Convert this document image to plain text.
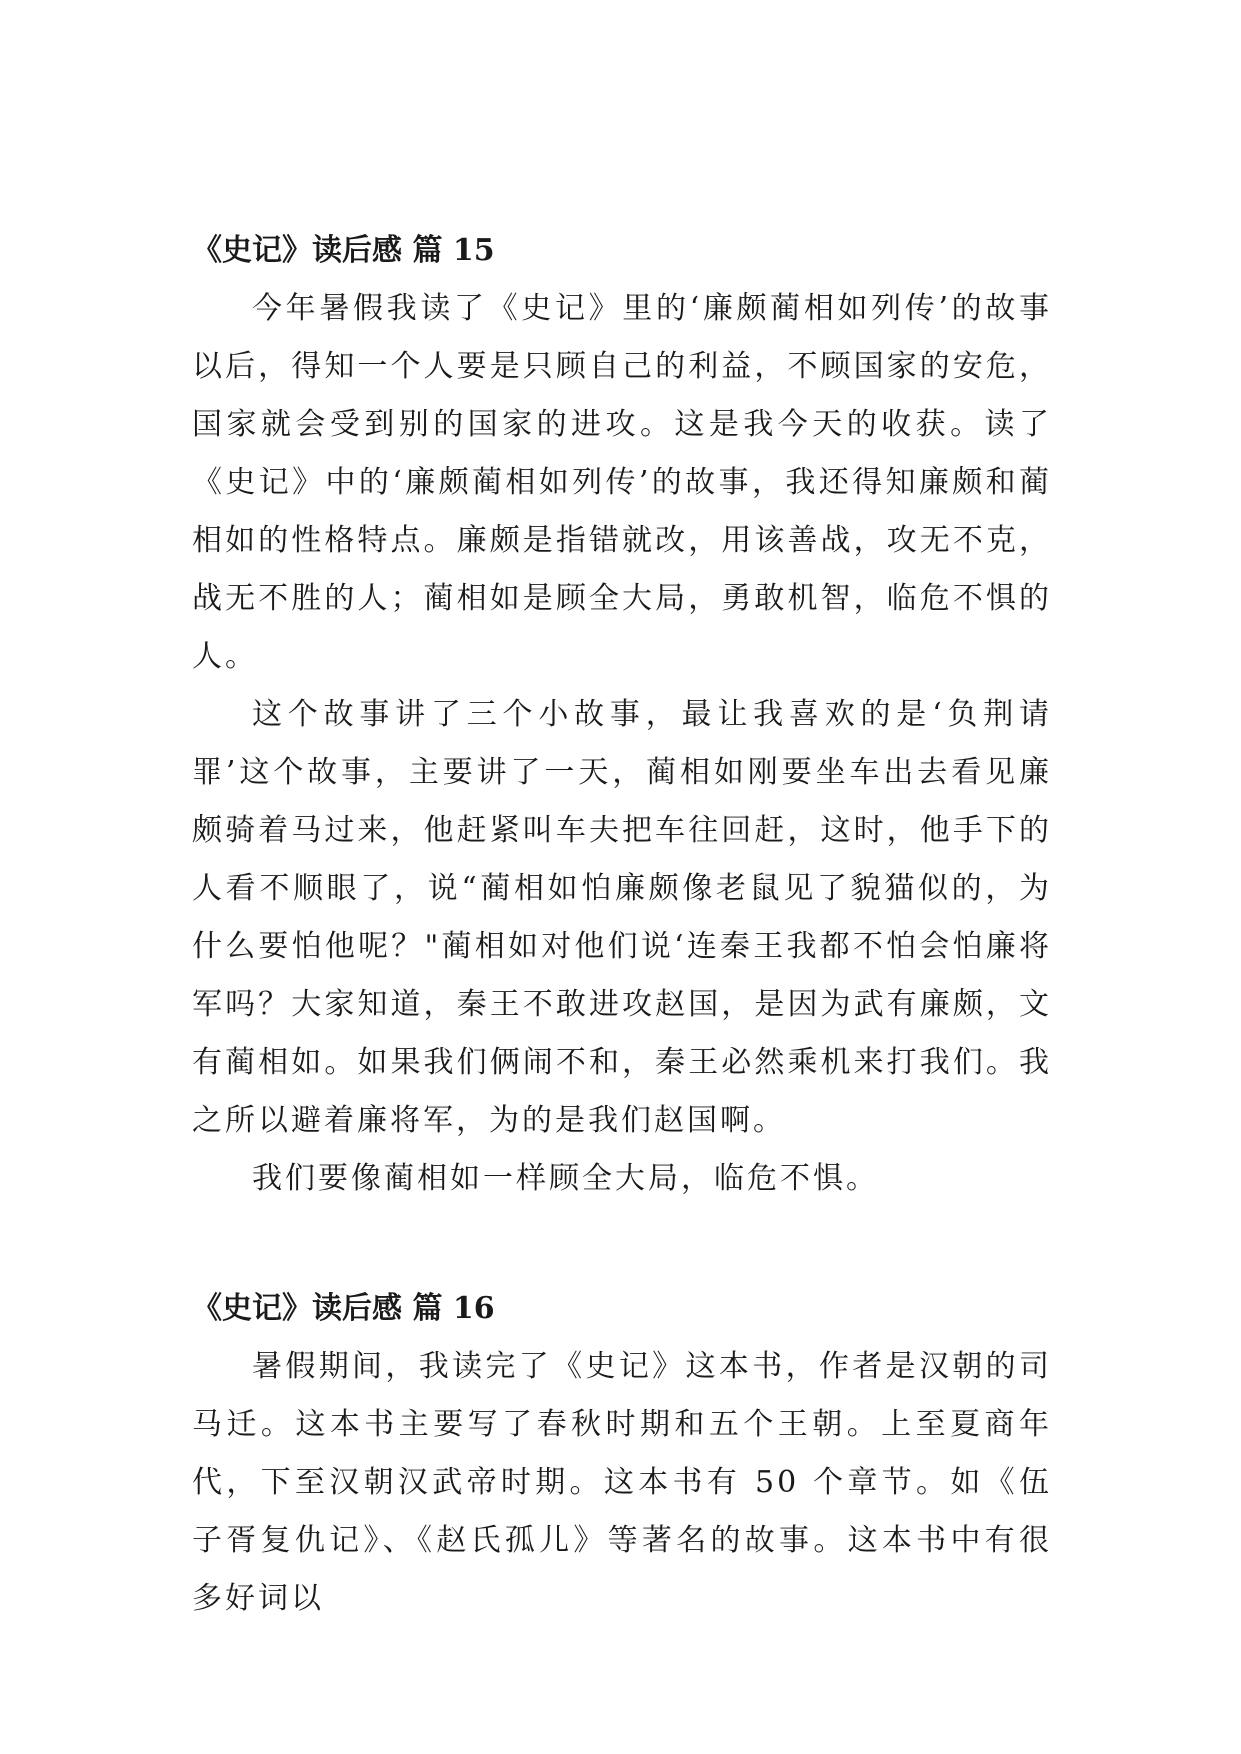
《史记》读后感 篇 15

今年暑假我读了《史记》里的‘廉颇蔺相如列传’的故事以后，得知一个人要是只顾自己的利益，不顾国家的安危，国家就会受到别的国家的进攻。这是我今天的收获。读了《史记》中的‘廉颇蔺相如列传’的故事，我还得知廉颇和蔺相如的性格特点。廉颇是指错就改，用该善战，攻无不克，战无不胜的人；蔺相如是顾全大局，勇敢机智，临危不惧的人。

这个故事讲了三个小故事，最让我喜欢的是‘负荆请罪’这个故事，主要讲了一天，蔺相如刚要坐车出去看见廉颇骑着马过来，他赶紧叫车夫把车往回赶，这时，他手下的人看不顺眼了，说“蔺相如怕廉颇像老鼠见了貌猫似的，为什么要怕他呢？"蔺相如对他们说‘连秦王我都不怕会怕廉将军吗？大家知道，秦王不敢进攻赵国，是因为武有廉颇，文有蔺相如。如果我们俩闹不和，秦王必然乘机来打我们。我之所以避着廉将军，为的是我们赵国啊。

我们要像蔺相如一样顾全大局，临危不惧。

《史记》读后感 篇 16

暑假期间，我读完了《史记》这本书，作者是汉朝的司马迁。这本书主要写了春秋时期和五个王朝。上至夏商年代，下至汉朝汉武帝时期。这本书有 50 个章节。如《伍子胥复仇记》、《赵氏孤儿》等著名的故事。这本书中有很多好词以
